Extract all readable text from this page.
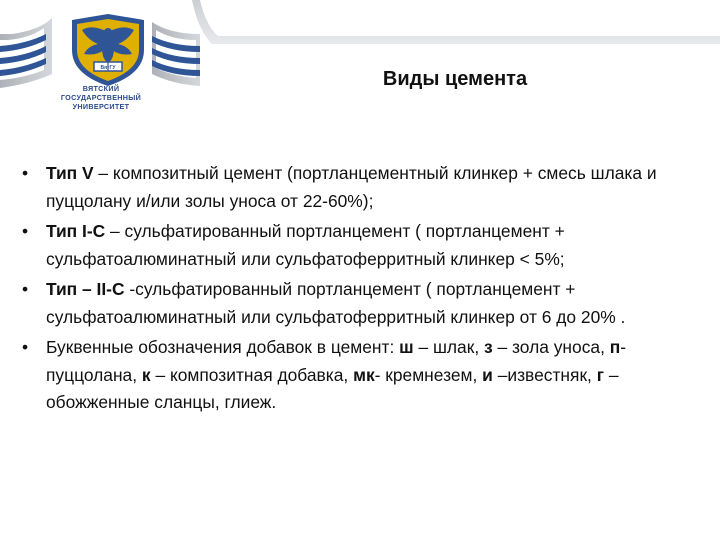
ВятГУ
ВЯТСКИЙ
ГОСУДАРСТВЕННЫЙ
УНИВЕРСИТЕТ
Виды цемента
• Тип V – композитный цемент (портланцементный клинкер + смесь шлака и пуццолану и/или золы уноса от 22-60%);
• Тип I-C – сульфатированный портланцемент ( портланцемент + сульфатоалюминатный или сульфатоферритный клинкер < 5%;
• Тип – II-C -сульфатированный портланцемент ( портланцемент + сульфатоалюминатный или сульфатоферритный клинкер от 6 до 20% .
• Буквенные обозначения добавок в цемент: ш – шлак, з – зола уноса, п- пуццолана, к – композитная добавка, мк- кремнезем, и –известняк, г – обожженные сланцы, глиеж.
